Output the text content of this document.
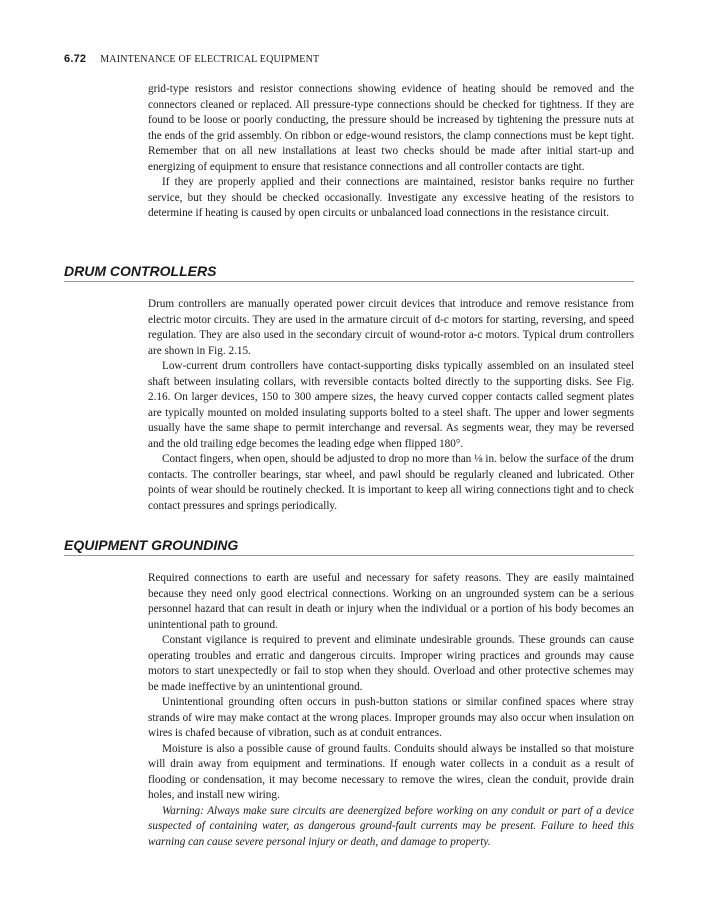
6.72 MAINTENANCE OF ELECTRICAL EQUIPMENT

grid-type resistors and resistor connections showing evidence of heating should be removed and the connectors cleaned or replaced. All pressure-type connections should be checked for tightness. If they are found to be loose or poorly conducting, the pressure should be increased by tightening the pressure nuts at the ends of the grid assembly. On ribbon or edge-wound resistors, the clamp connections must be kept tight. Remember that on all new installations at least two checks should be made after initial start-up and energizing of equipment to ensure that resistance connections and all controller contacts are tight.

If they are properly applied and their connections are maintained, resistor banks require no further service, but they should be checked occasionally. Investigate any excessive heating of the resistors to determine if heating is caused by open circuits or unbalanced load connections in the resistance circuit.

DRUM CONTROLLERS

Drum controllers are manually operated power circuit devices that introduce and remove resistance from electric motor circuits. They are used in the armature circuit of d-c motors for starting, reversing, and speed regulation. They are also used in the secondary circuit of wound-rotor a-c motors. Typical drum controllers are shown in Fig. 2.15.

Low-current drum controllers have contact-supporting disks typically assembled on an insulated steel shaft between insulating collars, with reversible contacts bolted directly to the supporting disks. See Fig. 2.16. On larger devices, 150 to 300 ampere sizes, the heavy curved copper contacts called segment plates are typically mounted on molded insulating supports bolted to a steel shaft. The upper and lower segments usually have the same shape to permit interchange and reversal. As segments wear, they may be reversed and the old trailing edge becomes the leading edge when flipped 180°.

Contact fingers, when open, should be adjusted to drop no more than ⅛ in. below the surface of the drum contacts. The controller bearings, star wheel, and pawl should be regularly cleaned and lubricated. Other points of wear should be routinely checked. It is important to keep all wiring connections tight and to check contact pressures and springs periodically.

EQUIPMENT GROUNDING

Required connections to earth are useful and necessary for safety reasons. They are easily maintained because they need only good electrical connections. Working on an ungrounded system can be a serious personnel hazard that can result in death or injury when the individual or a portion of his body becomes an unintentional path to ground.

Constant vigilance is required to prevent and eliminate undesirable grounds. These grounds can cause operating troubles and erratic and dangerous circuits. Improper wiring practices and grounds may cause motors to start unexpectedly or fail to stop when they should. Overload and other protective schemes may be made ineffective by an unintentional ground.

Unintentional grounding often occurs in push-button stations or similar confined spaces where stray strands of wire may make contact at the wrong places. Improper grounds may also occur when insulation on wires is chafed because of vibration, such as at conduit entrances.

Moisture is also a possible cause of ground faults. Conduits should always be installed so that moisture will drain away from equipment and terminations. If enough water collects in a conduit as a result of flooding or condensation, it may become necessary to remove the wires, clean the conduit, provide drain holes, and install new wiring.

Warning: Always make sure circuits are deenergized before working on any conduit or part of a device suspected of containing water, as dangerous ground-fault currents may be present. Failure to heed this warning can cause severe personal injury or death, and damage to property.
